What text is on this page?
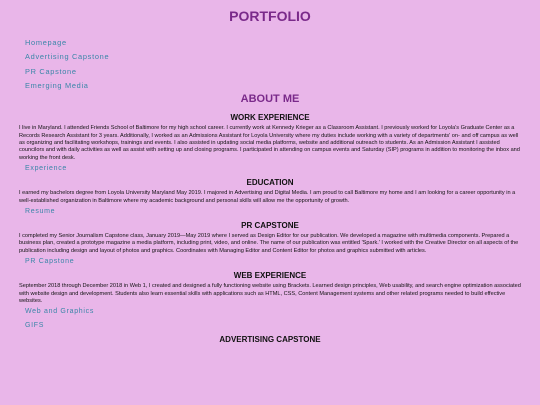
PORTFOLIO
Homepage
Advertising Capstone
PR Capstone
Emerging Media
ABOUT ME
WORK EXPERIENCE

I live in Maryland. I attended Friends School of Baltimore for my high school career. I currently work at Kennedy Krieger as a Classroom Assistant. I previously worked for Loyola's Graduate Center as a Records Research Assistant for 3 years. Additionally, I worked as an Admissions Assistant for Loyola University where my duties include working with a variety of departments' on- and off campus as well as organizing and facilitating workshops, trainings and events. I also assisted in updating social media platforms, website and additional outreach to students. As an Admission Assistant I assisted councilors and with daily activities as well as assist with setting up and closing programs. I participated in attending on campus events and Saturday (SIP) programs in addition to monitoring the inbox and working the front desk.

Experience
EDUCATION

I earned my bachelors degree from Loyola University Maryland May 2019. I majored in Advertising and Digital Media. I am proud to call Baltimore my home and I am looking for a career opportunity in a well-established organization in Baltimore where my academic background and personal skills will allow me the opportunity of growth.

Resume
PR CAPSTONE

I completed my Senior Journalism Capstone class, January 2019—May 2019 where I served as Design Editor for our publication. We developed a magazine with multimedia components. Prepared a business plan, created a prototype magazine a media platform, including print, video, and online. The name of our publication was entitled 'Spark.' I worked with the Creative Director on all aspects of the publication including design and layout of photos and graphics. Coordinates with Managing Editor and Content Editor for photos and graphics submitted with articles.

PR Capstone
WEB EXPERIENCE

September 2018 through December 2018 in Web 1, I created and designed a fully functioning website using Brackets. Learned design principles, Web usability, and search engine optimization associated with website design and development. Students also learn essential skills with applications such as HTML, CSS, Content Management systems and other related programs needed to build effective websites.

Web and Graphics
GIFS
ADVERTISING CAPSTONE
